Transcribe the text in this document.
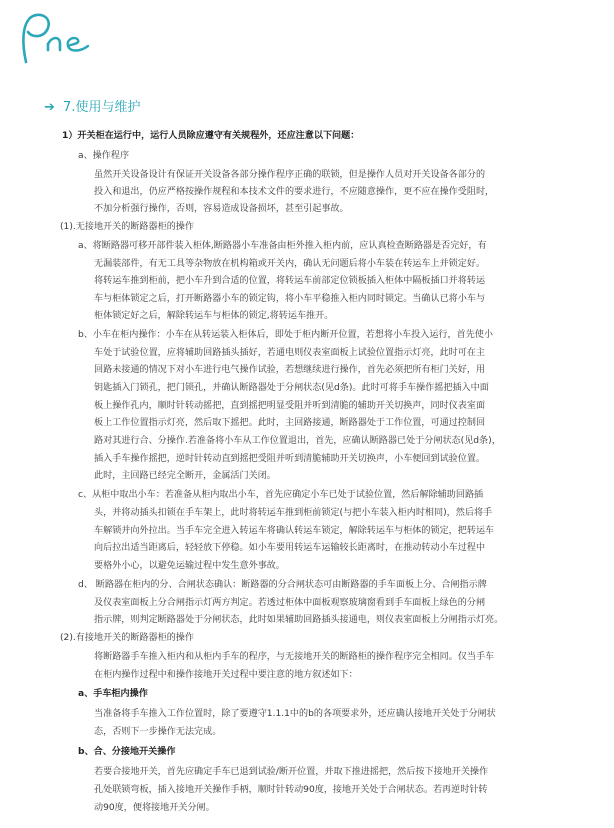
Pne
➔ 7.使用与维护
1）开关柜在运行中，运行人员除应遵守有关规程外，还应注意以下问题：
a、操作程序
虽然开关设备设计有保证开关设备各部分操作程序正确的联锁，但是操作人员对开关设备各部分的
投入和退出，仍应严格按操作规程和本技术文件的要求进行，不应随意操作，更不应在操作受阻时，
不加分析强行操作，否则，容易造成设备损坏，甚至引起事故。
(1).无接地开关的断路器柜的操作
a、将断路器可移开部件装入柜体,断路器小车准备由柜外推入柜内前，应认真检查断路器是否完好，有
无漏装部件，有无工具等杂物放在机构箱或开关内，确认无问题后将小车装在转运车上并锁定好。
将转运车推到柜前，把小车升到合适的位置，将转运车前部定位锁板插入柜体中隔板插口并将转运
车与柜体锁定之后，打开断路器小车的锁定钩，将小车平稳推入柜内同时锁定。当确认已将小车与
柜体锁定好之后，解除转运车与柜体的锁定,将转运车推开。
b、小车在柜内操作：小车在从转运装入柜体后，即处于柜内断开位置，若想将小车投入运行，首先使小
车处于试验位置，应将辅助回路插头插好，若通电则仪表室面板上试验位置指示灯亮，此时可在主
回路未接通的情况下对小车进行电气操作试验，若想继续进行操作，首先必须把所有柜门关好，用
钥匙插入门锁孔，把门锁孔，并确认断路器处于分闸状态(见d条)。此时可将手车操作摇把插入中面
板上操作孔内，顺时针转动摇把，直到摇把明显受阻并听到清脆的辅助开关切换声，同时仪表室面
板上工作位置指示灯亮，然后取下摇把。此时，主回路接通，断路器处于工作位置，可通过控制回
路对其进行合、分操作.若准备将小车从工作位置退出，首先，应确认断路器已处于分闸状态(见d条)，
插入手车操作摇把，逆时针转动直到摇把受阻并听到清脆辅助开关切换声，小车便回到试验位置。
此时，主回路已经完全断开，金属活门关闭。
c、从柜中取出小车：若准备从柜内取出小车，首先应确定小车已处于试验位置，然后解除辅助回路插
头，并将动插头扣锁在手车架上，此时将转运车推到柜前锁定(与把小车装入柜内时相同)，然后将手
车解锁并向外拉出。当手车完全进入转运车将确认转运车锁定，解除转运车与柜体的锁定，把转运车
向后拉出适当距离后，轻轻放下停稳。如小车要用转运车运输较长距离时，在推动转动小车过程中
要格外小心，以避免运输过程中发生意外事故。
d、 断路器在柜内的分、合闸状态确认：断路器的分合闸状态可由断路器的手车面板上分、合闸指示牌
及仪表室面板上分合闸指示灯两方判定。若透过柜体中面板观察玻璃窗看到手车面板上绿色的分闸
指示牌，则判定断路器处于分闸状态，此时如果辅助回路插头接通电，则仪表室面板上分闸指示灯亮。
(2).有接地开关的断路器柜的操作
将断路器手车推入柜内和从柜内手车的程序，与无接地开关的断路柜的操作程序完全相同。仅当手车
在柜内操作过程中和操作接地开关过程中要注意的地方叙述如下：
a、手车柜内操作
当准备将手车推入工作位置时，除了要遵守1.1.1中的b的各项要求外，还应确认接地开关处于分闸状
态，否则下一步操作无法完成。
b、合、分接地开关操作
若要合接地开关，首先应确定手车已退到试验/断开位置，并取下推进摇把，然后按下接地开关操作
孔处联锁弯板，插入接地开关操作手柄，顺时针转动90度，接地开关处于合闸状态。若再逆时针转
动90度，便将接地开关分闸。
